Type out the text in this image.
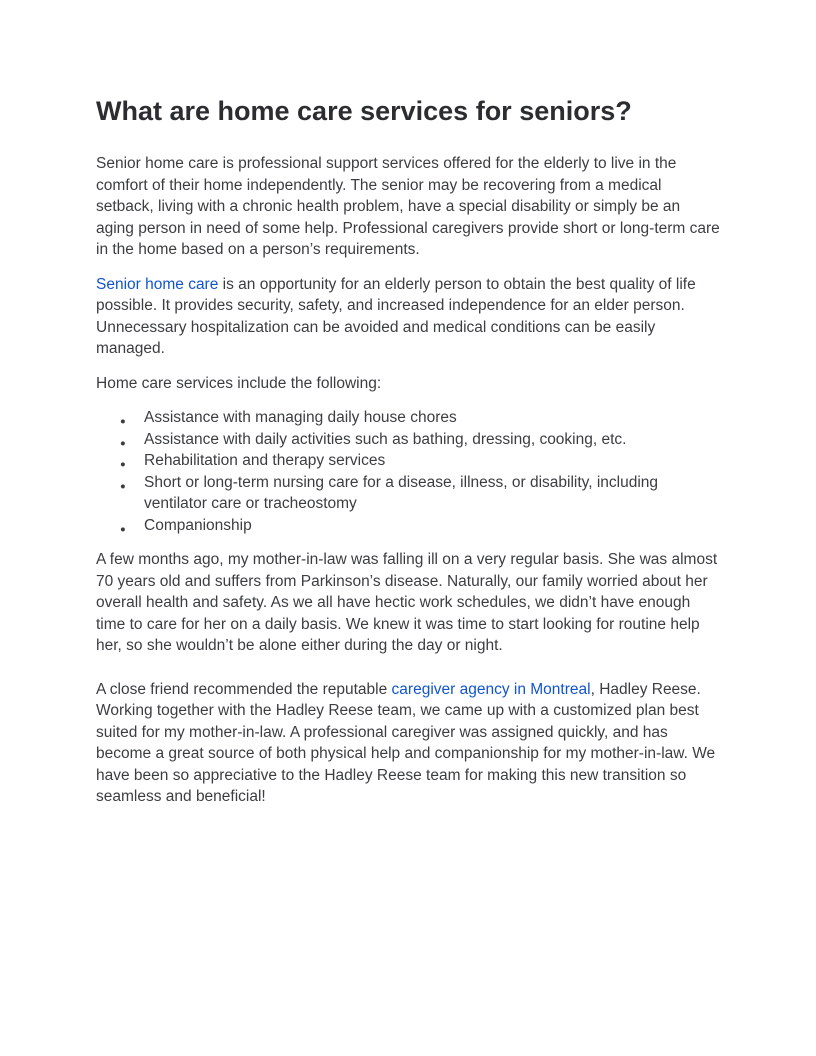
What are home care services for seniors?

Senior home care is professional support services offered for the elderly to live in the comfort of their home independently. The senior may be recovering from a medical setback, living with a chronic health problem, have a special disability or simply be an aging person in need of some help. Professional caregivers provide short or long-term care in the home based on a person’s requirements.

Senior home care is an opportunity for an elderly person to obtain the best quality of life possible. It provides security, safety, and increased independence for an elder person. Unnecessary hospitalization can be avoided and medical conditions can be easily managed.

Home care services include the following:

● Assistance with managing daily house chores
● Assistance with daily activities such as bathing, dressing, cooking, etc.
● Rehabilitation and therapy services
● Short or long-term nursing care for a disease, illness, or disability, including ventilator care or tracheostomy
● Companionship

A few months ago, my mother-in-law was falling ill on a very regular basis. She was almost 70 years old and suffers from Parkinson’s disease. Naturally, our family worried about her overall health and safety. As we all have hectic work schedules, we didn’t have enough time to care for her on a daily basis. We knew it was time to start looking for routine help her, so she wouldn’t be alone either during the day or night.

A close friend recommended the reputable caregiver agency in Montreal, Hadley Reese. Working together with the Hadley Reese team, we came up with a customized plan best suited for my mother-in-law. A professional caregiver was assigned quickly, and has become a great source of both physical help and companionship for my mother-in-law. We have been so appreciative to the Hadley Reese team for making this new transition so seamless and beneficial!
